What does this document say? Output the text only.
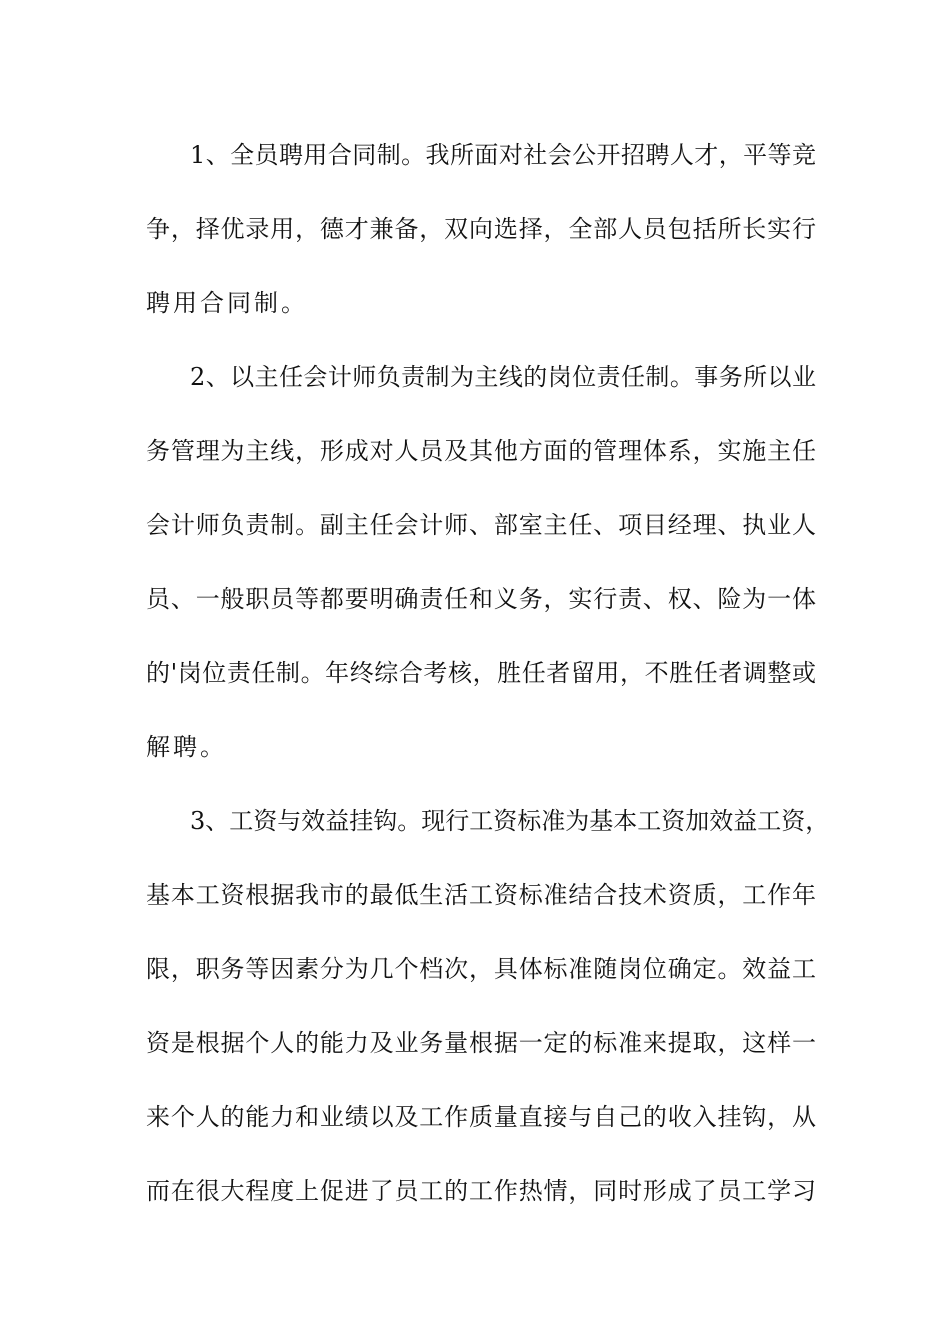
1、全员聘用合同制。我所面对社会公开招聘人才，平等竞
争，择优录用，德才兼备，双向选择，全部人员包括所长实行
聘用合同制。
2、以主任会计师负责制为主线的岗位责任制。事务所以业
务管理为主线，形成对人员及其他方面的管理体系，实施主任
会计师负责制。副主任会计师、部室主任、项目经理、执业人
员、一般职员等都要明确责任和义务，实行责、权、险为一体
的'岗位责任制。年终综合考核，胜任者留用，不胜任者调整或
解聘。
3、工资与效益挂钩。现行工资标准为基本工资加效益工资，
基本工资根据我市的最低生活工资标准结合技术资质，工作年
限，职务等因素分为几个档次，具体标准随岗位确定。效益工
资是根据个人的能力及业务量根据一定的标准来提取，这样一
来个人的能力和业绩以及工作质量直接与自己的收入挂钩，从
而在很大程度上促进了员工的工作热情，同时形成了员工学习
